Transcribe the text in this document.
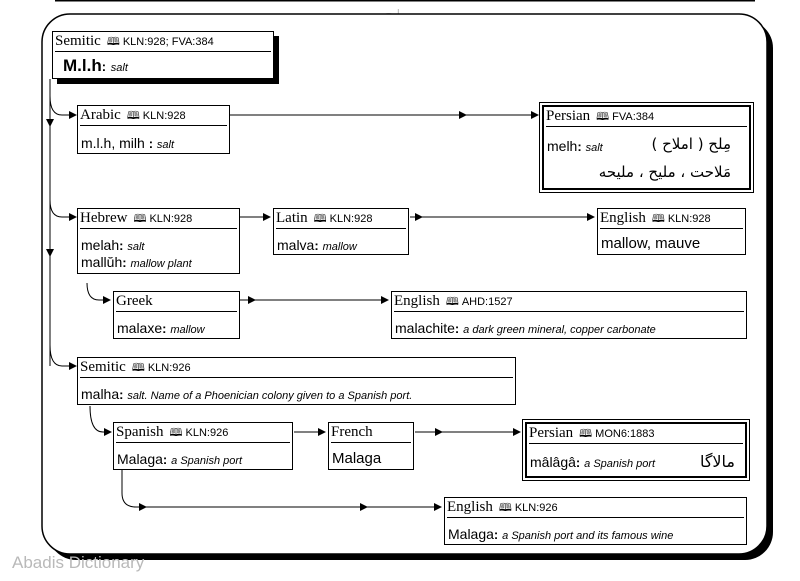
Semitic 🕮 KLN:928; FVA:384
M.l.h: salt
Arabic 🕮 KLN:928
m.l.h, milh : salt
Persian 🕮 FVA:384
melh: salt	مِلح ( املاح )
مَلاحت ، ملیح ، ملیحه
Hebrew 🕮 KLN:928
melah: salt
mallŭh: mallow plant
Latin 🕮 KLN:928
malva: mallow
English 🕮 KLN:928
mallow, mauve
Greek
malaxe: mallow
English 🕮 AHD:1527
malachite: a dark green mineral, copper carbonate
Semitic 🕮 KLN:926
malha: salt. Name of a Phoenician colony given to a Spanish port.
Spanish 🕮 KLN:926
Malaga: a Spanish port
French
Malaga
Persian 🕮 MON6:1883
mâlâgâ: a Spanish port	مالاگا
English 🕮 KLN:926
Malaga: a Spanish port and its famous wine
Abadis Dictionary
